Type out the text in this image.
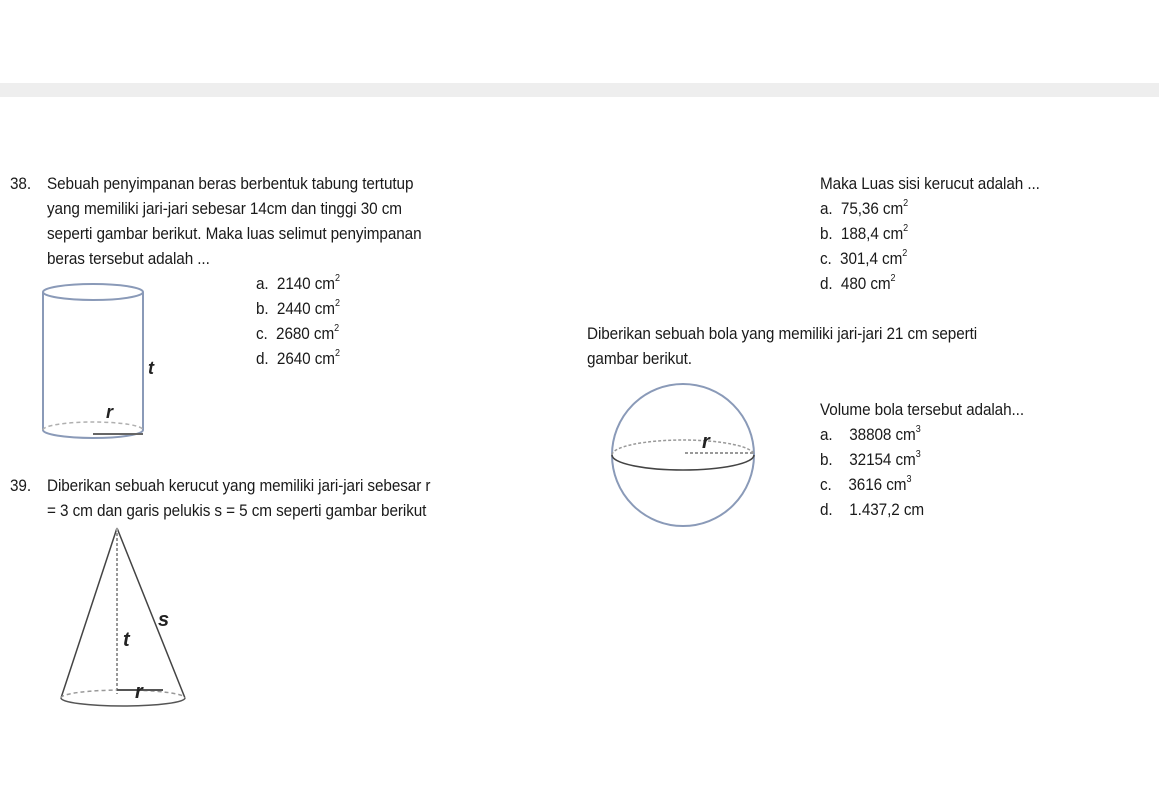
38. Sebuah penyimpanan beras berbentuk tabung tertutup
yang memiliki jari-jari sebesar 14cm dan tinggi 30 cm
seperti gambar berikut. Maka luas selimut penyimpanan
beras tersebut adalah ...
a. 2140 $cm^2$
b. 2440 $cm^2$
c. 2680 $cm^2$
d. 2640 $cm^2$
t
r
39. Diberikan sebuah kerucut yang memiliki jari-jari sebesar r
= 3 cm dan garis pelukis s = 5 cm seperti gambar berikut
s
t
r
Maka Luas sisi kerucut adalah ...
a. 75,36 $cm^2$
b. 188,4 $cm^2$
c. 301,4 $cm^2$
d. 480 $cm^2$
Diberikan sebuah bola yang memiliki jari-jari 21 cm seperti
gambar berikut.
r
Volume bola tersebut adalah...
a. 38808 $cm^3$
b. 32154 $cm^3$
c. 3616 $cm^3$
d. 1.437,2 cm
